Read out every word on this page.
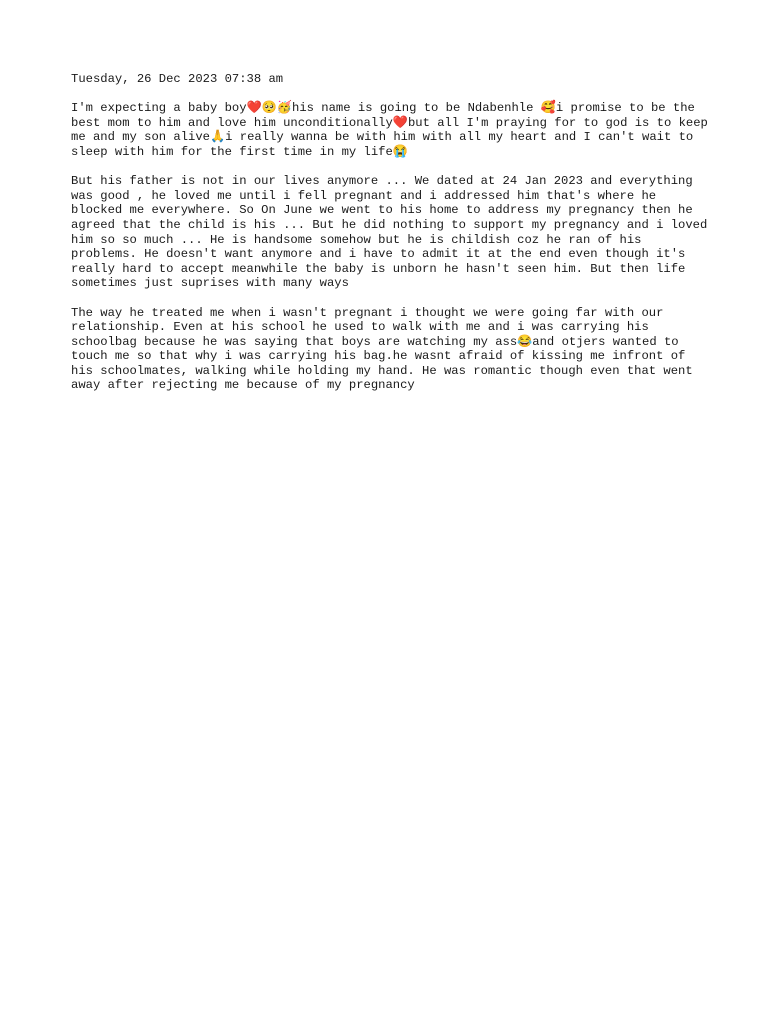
Tuesday, 26 Dec 2023 07:38 am
I'm expecting a baby boy❤️🥺🥳his name is going to be Ndabenhle 🥰i promise to be the best mom to him and love him unconditionally❤️but all I'm praying for to god is to keep me and my son alive🙏i really wanna be with him with all my heart and I can't wait to sleep with him for the first time in my life😭
But his father is not in our lives anymore ... We dated at 24 Jan 2023 and everything was good , he loved me until i fell pregnant and i addressed him that's where he blocked me everywhere. So On June we went to his home to address my pregnancy then he agreed that the child is his ... But he did nothing to support my pregnancy and i loved him so so much ... He is handsome somehow but he is childish coz he ran of his problems. He doesn't want anymore and i have to admit it at the end even though it's really hard to accept meanwhile the baby is unborn he hasn't seen him. But then life sometimes just suprises with many ways
The way he treated me when i wasn't pregnant i thought we were going far with our relationship. Even at his school he used to walk with me and i was carrying his schoolbag because he was saying that boys are watching my ass😂and otjers wanted to touch me so that why i was carrying his bag.he wasnt afraid of kissing me infront of his schoolmates, walking while holding my hand. He was romantic though even that went away after rejecting me because of my pregnancy
